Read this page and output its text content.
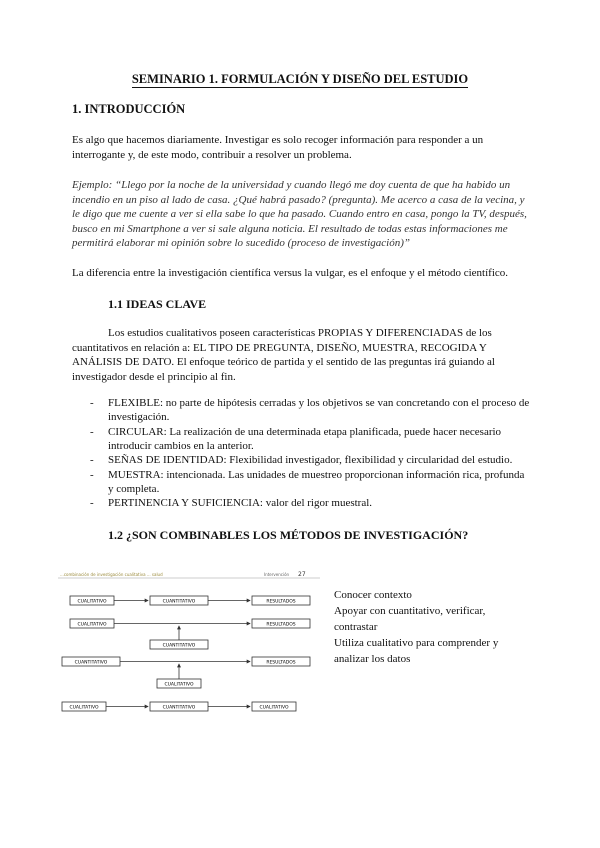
SEMINARIO 1. FORMULACIÓN Y DISEÑO DEL ESTUDIO
1. INTRODUCCIÓN
Es algo que hacemos diariamente. Investigar es solo recoger información para responder a un interrogante y, de este modo, contribuir a resolver un problema.
Ejemplo: “Llego por la noche de la universidad y cuando llegó me doy cuenta de que ha habido un incendio en un piso al lado de casa. ¿Qué habrá pasado? (pregunta). Me acerco a casa de la vecina, y le digo que me cuente a ver si ella sabe lo que ha pasado. Cuando entro en casa, pongo la TV, después, busco en mi Smartphone a ver si sale alguna noticia. El resultado de todas estas informaciones me permitirá elaborar mi opinión sobre lo sucedido (proceso de investigación)”
La diferencia entre la investigación científica versus la vulgar, es el enfoque y el método científico.
1.1 IDEAS CLAVE
Los estudios cualitativos poseen características PROPIAS Y DIFERENCIADAS de los cuantitativos en relación a: EL TIPO DE PREGUNTA, DISEÑO, MUESTRA, RECOGIDA Y ANÁLISIS DE DATO. El enfoque teórico de partida y el sentido de las preguntas irá guiando al investigador desde el principio al fin.
- FLEXIBLE: no parte de hipótesis cerradas y los objetivos se van concretando con el proceso de investigación.
- CIRCULAR: La realización de una determinada etapa planificada, puede hacer necesario introducir cambios en la anterior.
- SEÑAS DE IDENTIDAD: Flexibilidad investigador, flexibilidad y circularidad del estudio.
- MUESTRA: intencionada. Las unidades de muestreo proporcionan información rica, profunda y completa.
- PERTINENCIA Y SUFICIENCIA: valor del rigor muestral.
1.2 ¿SON COMBINABLES LOS MÉTODOS DE INVESTIGACIÓN?
...combinación de investigación cualitativa ... salud	Intervención 27
CUALITATIVO	CUANTITATIVO	RESULTADOS
CUALITATIVO	RESULTADOS
CUANTITATIVO
CUANTITATIVO	RESULTADOS
CUALITATIVO
CUALITATIVO	CUANTITATIVO	CUALITATIVO
Conocer contexto
Apoyar con cuantitativo, verificar,
contrastar
Utiliza cualitativo para comprender y
analizar los datos
